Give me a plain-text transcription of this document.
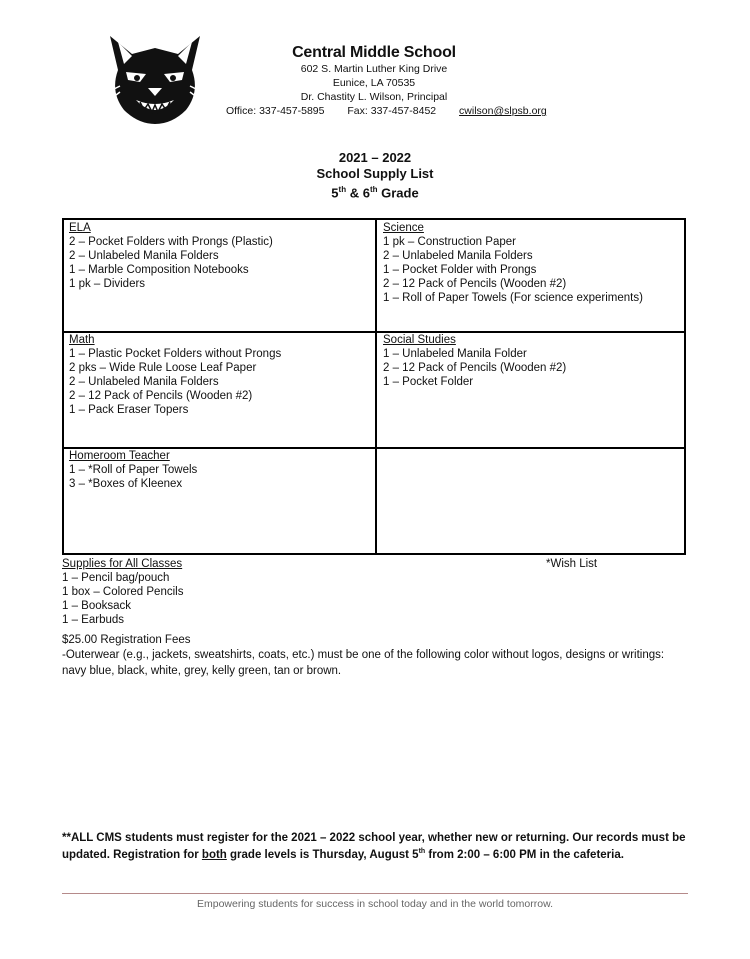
Central Middle School
602 S. Martin Luther King Drive
Eunice, LA 70535
Dr. Chastity L. Wilson, Principal
Office: 337-457-5895 Fax: 337-457-8452 cwilson@slpsb.org
2021 – 2022
School Supply List
5th & 6th Grade
ELA
2 – Pocket Folders with Prongs (Plastic)
2 – Unlabeled Manila Folders
1 – Marble Composition Notebooks
1 pk – Dividers
Science
1 pk – Construction Paper
2 – Unlabeled Manila Folders
1 – Pocket Folder with Prongs
2 – 12 Pack of Pencils (Wooden #2)
1 – Roll of Paper Towels (For science experiments)
Math
1 – Plastic Pocket Folders without Prongs
2 pks – Wide Rule Loose Leaf Paper
2 – Unlabeled Manila Folders
2 – 12 Pack of Pencils (Wooden #2)
1 – Pack Eraser Topers
Social Studies
1 – Unlabeled Manila Folder
2 – 12 Pack of Pencils (Wooden #2)
1 – Pocket Folder
Homeroom Teacher
1 – *Roll of Paper Towels
3 – *Boxes of Kleenex
Supplies for All Classes
1 – Pencil bag/pouch
1 box – Colored Pencils
1 – Booksack
1 – Earbuds
*Wish List
$25.00 Registration Fees
-Outerwear (e.g., jackets, sweatshirts, coats, etc.) must be one of the following color without logos, designs or writings: navy blue, black, white, grey, kelly green, tan or brown.
**ALL CMS students must register for the 2021 – 2022 school year, whether new or returning. Our records must be updated. Registration for both grade levels is Thursday, August 5th from 2:00 – 6:00 PM in the cafeteria.
Empowering students for success in school today and in the world tomorrow.
